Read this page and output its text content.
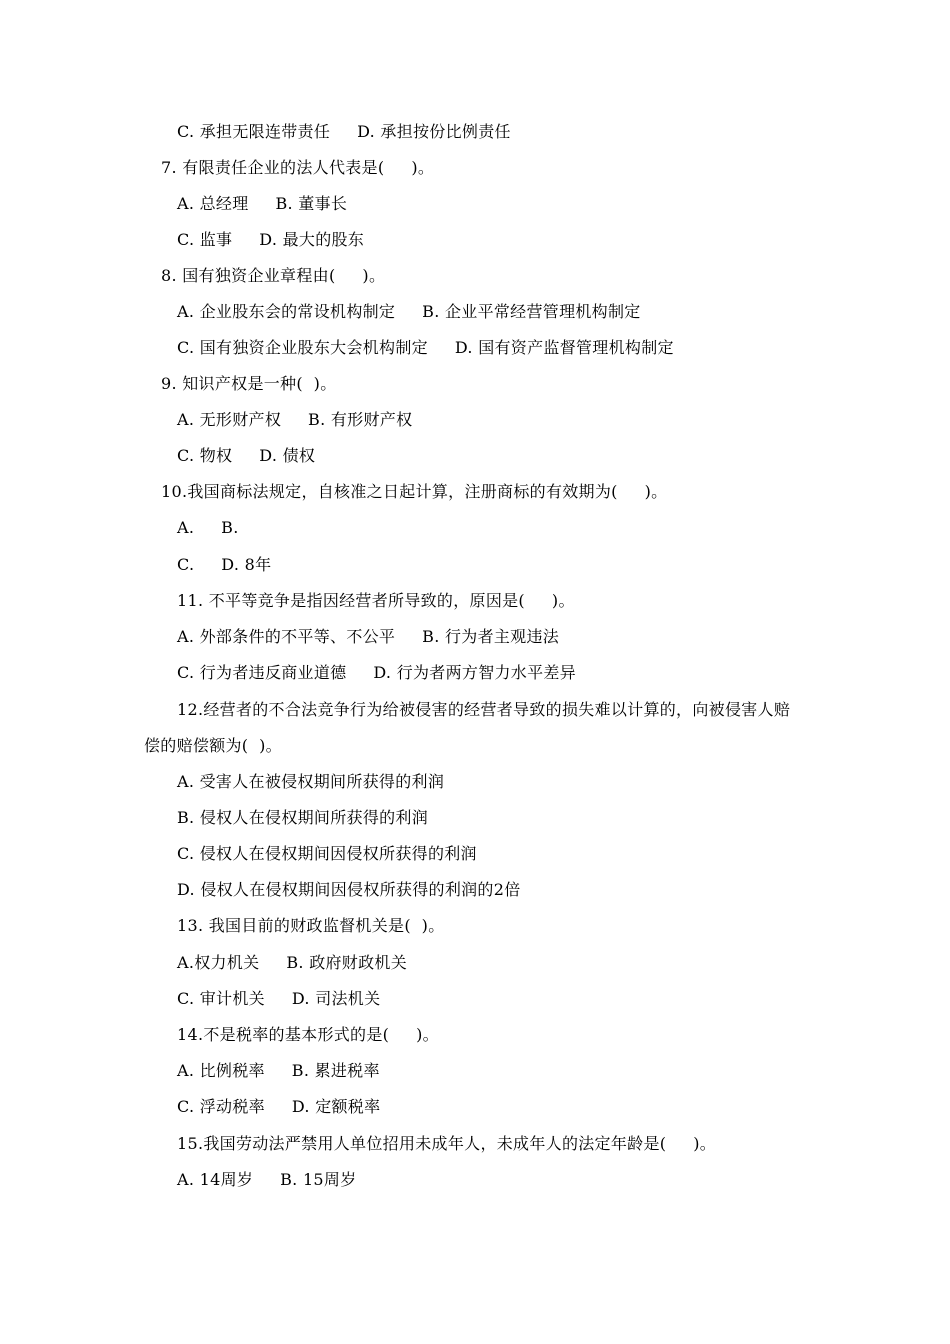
C. 承担无限连带责任     D. 承担按份比例责任
7. 有限责任企业的法人代表是(     )。
A. 总经理     B. 董事长
C. 监事     D. 最大的股东
8. 国有独资企业章程由(     )。
A. 企业股东会的常设机构制定     B. 企业平常经营管理机构制定
C. 国有独资企业股东大会机构制定     D. 国有资产监督管理机构制定
9. 知识产权是一种(  )。
A. 无形财产权     B. 有形财产权
C. 物权     D. 债权
10.我国商标法规定，自核准之日起计算，注册商标的有效期为(     )。
A.     B.
C.     D. 8年
11. 不平等竞争是指因经营者所导致的，原因是(     )。
A. 外部条件的不平等、不公平     B. 行为者主观违法
C. 行为者违反商业道德     D. 行为者两方智力水平差异
12.经营者的不合法竞争行为给被侵害的经营者导致的损失难以计算的，向被侵害人赔
偿的赔偿额为(  )。
A. 受害人在被侵权期间所获得的利润
B. 侵权人在侵权期间所获得的利润
C. 侵权人在侵权期间因侵权所获得的利润
D. 侵权人在侵权期间因侵权所获得的利润的2倍
13. 我国目前的财政监督机关是(  )。
A.权力机关     B. 政府财政机关
C. 审计机关     D. 司法机关
14.不是税率的基本形式的是(     )。
A. 比例税率     B. 累进税率
C. 浮动税率     D. 定额税率
15.我国劳动法严禁用人单位招用未成年人，未成年人的法定年龄是(     )。
A. 14周岁     B. 15周岁
